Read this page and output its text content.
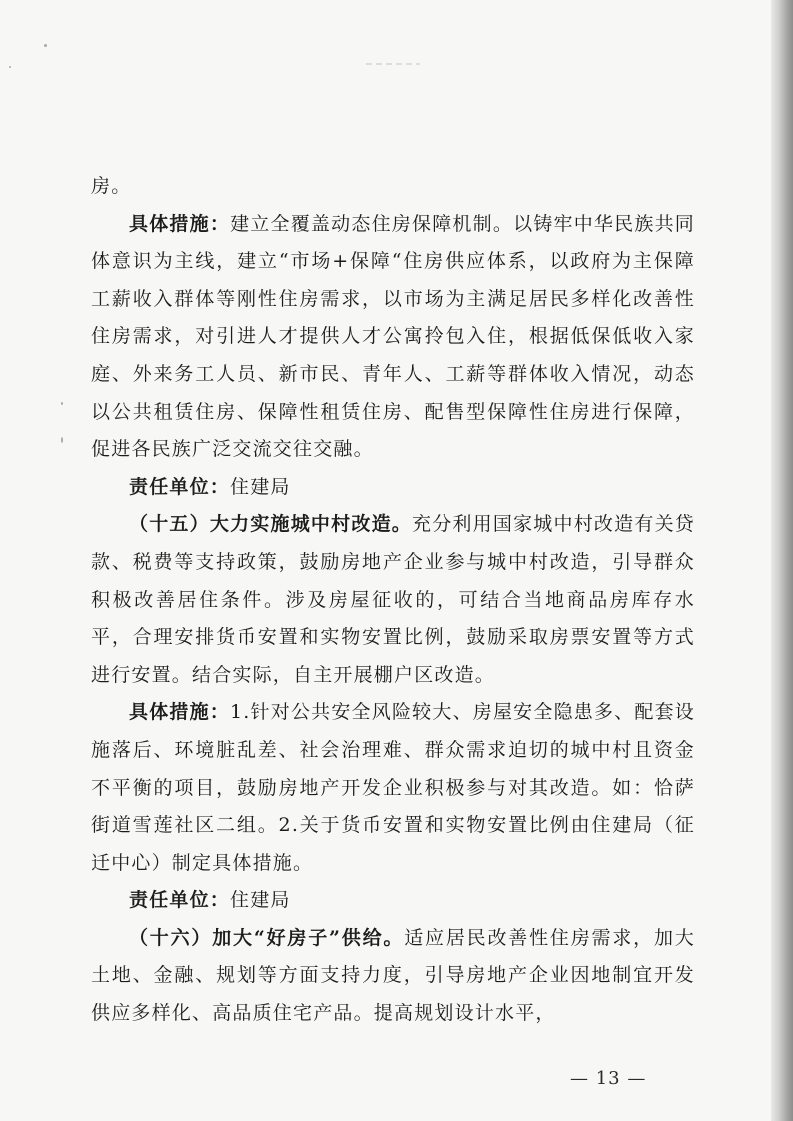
房。

具体措施：建立全覆盖动态住房保障机制。以铸牢中华民族共同体意识为主线，建立“市场+保障“住房供应体系，以政府为主保障工薪收入群体等刚性住房需求，以市场为主满足居民多样化改善性住房需求，对引进人才提供人才公寓拎包入住，根据低保低收入家庭、外来务工人员、新市民、青年人、工薪等群体收入情况，动态以公共租赁住房、保障性租赁住房、配售型保障性住房进行保障，促进各民族广泛交流交往交融。

责任单位：住建局

（十五）大力实施城中村改造。充分利用国家城中村改造有关贷款、税费等支持政策，鼓励房地产企业参与城中村改造，引导群众积极改善居住条件。涉及房屋征收的，可结合当地商品房库存水平，合理安排货币安置和实物安置比例，鼓励采取房票安置等方式进行安置。结合实际，自主开展棚户区改造。

具体措施：1.针对公共安全风险较大、房屋安全隐患多、配套设施落后、环境脏乱差、社会治理难、群众需求迫切的城中村且资金不平衡的项目，鼓励房地产开发企业积极参与对其改造。如：恰萨街道雪莲社区二组。2.关于货币安置和实物安置比例由住建局（征迁中心）制定具体措施。

责任单位：住建局

（十六）加大“好房子”供给。适应居民改善性住房需求，加大土地、金融、规划等方面支持力度，引导房地产企业因地制宜开发供应多样化、高品质住宅产品。提高规划设计水平，

— 13 —
